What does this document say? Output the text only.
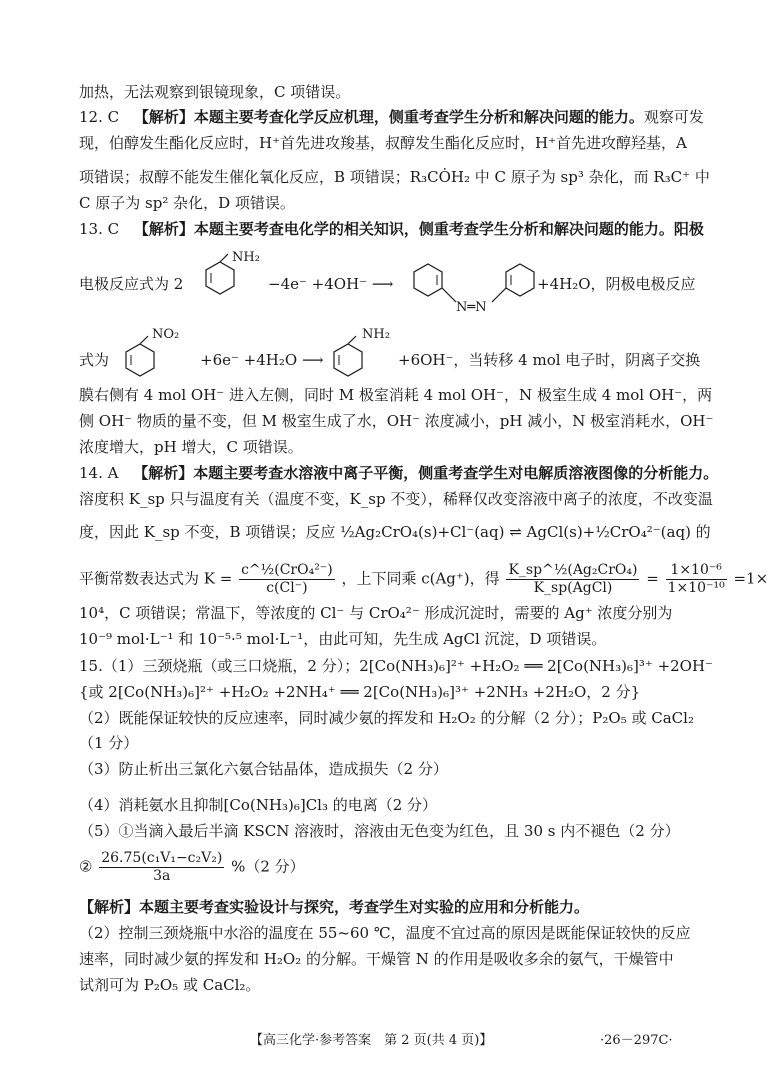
加热，无法观察到银镜现象，C 项错误。
12. C 【解析】本题主要考查化学反应机理，侧重考查学生分析和解决问题的能力。观察可发
现，伯醇发生酯化反应时，H⁺首先进攻羧基，叔醇发生酯化反应时，H⁺首先进攻醇羟基，A
项错误；叔醇不能发生催化氧化反应，B 项错误；R₃CȮH₂ 中 C 原子为 sp³ 杂化，而 R₃C⁺ 中
C 原子为 sp² 杂化，D 项错误。
13. C 【解析】本题主要考查电化学的相关知识，侧重考查学生分析和解决问题的能力。阳极
电极反应式为 2
NH₂
−4e⁻ +4OH⁻ ⟶
N═N
+4H₂O，阴极电极反应
式为
NO₂
+6e⁻ +4H₂O ⟶
NH₂
+6OH⁻，当转移 4 mol 电子时，阴离子交换
膜右侧有 4 mol OH⁻ 进入左侧，同时 M 极室消耗 4 mol OH⁻，N 极室生成 4 mol OH⁻，两
侧 OH⁻ 物质的量不变，但 M 极室生成了水，OH⁻ 浓度减小，pH 减小，N 极室消耗水，OH⁻
浓度增大，pH 增大，C 项错误。
14. A 【解析】本题主要考查水溶液中离子平衡，侧重考查学生对电解质溶液图像的分析能力。
溶度积 K_sp 只与温度有关（温度不变，K_sp 不变），稀释仅改变溶液中离子的浓度，不改变温
度，因此 K_sp 不变，B 项错误；反应 ½Ag₂CrO₄(s)+Cl⁻(aq) ⇌ AgCl(s)+½CrO₄²⁻(aq) 的
平衡常数表达式为 $K = \frac{\text{c\textasciicircum{}½(CrO₄²⁻)}}{c(Cl^-)}$ ，上下同乘 c(Ag⁺)，得 $\frac{\text{K\_sp\textasciicircum{}½(Ag₂CrO₄)}}{\text{K\_sp(AgCl)}} = \frac{\text{1×10⁻⁶}}{\text{1×10⁻¹⁰}} =1\times$
10⁴，C 项错误；常温下，等浓度的 Cl⁻ 与 CrO₄²⁻ 形成沉淀时，需要的 Ag⁺ 浓度分别为
10⁻⁹ mol·L⁻¹ 和 10⁻⁵·⁵ mol·L⁻¹，由此可知，先生成 AgCl 沉淀，D 项错误。
15.（1）三颈烧瓶（或三口烧瓶，2 分）；2[Co(NH₃)₆]²⁺ +H₂O₂ ══ 2[Co(NH₃)₆]³⁺ +2OH⁻
{或 2[Co(NH₃)₆]²⁺ +H₂O₂ +2NH₄⁺ ══ 2[Co(NH₃)₆]³⁺ +2NH₃ +2H₂O，2 分}
（2）既能保证较快的反应速率，同时减少氨的挥发和 H₂O₂ 的分解（2 分）；P₂O₅ 或 CaCl₂
（1 分）
（3）防止析出三氯化六氨合钴晶体，造成损失（2 分）
（4）消耗氨水且抑制[Co(NH₃)₆]Cl₃ 的电离（2 分）
（5）①当滴入最后半滴 KSCN 溶液时，溶液由无色变为红色，且 30 s 内不褪色（2 分）
② $\frac{\text{26.75(c₁V₁−c₂V₂)}}{3a} \%(2$ 分）
【解析】本题主要考查实验设计与探究，考查学生对实验的应用和分析能力。
（2）控制三颈烧瓶中水浴的温度在 55~60 ℃，温度不宜过高的原因是既能保证较快的反应
速率，同时减少氨的挥发和 H₂O₂ 的分解。干燥管 N 的作用是吸收多余的氨气，干燥管中
试剂可为 P₂O₅ 或 CaCl₂。
【高三化学·参考答案　第 2 页(共 4 页)】	·26－297C·
